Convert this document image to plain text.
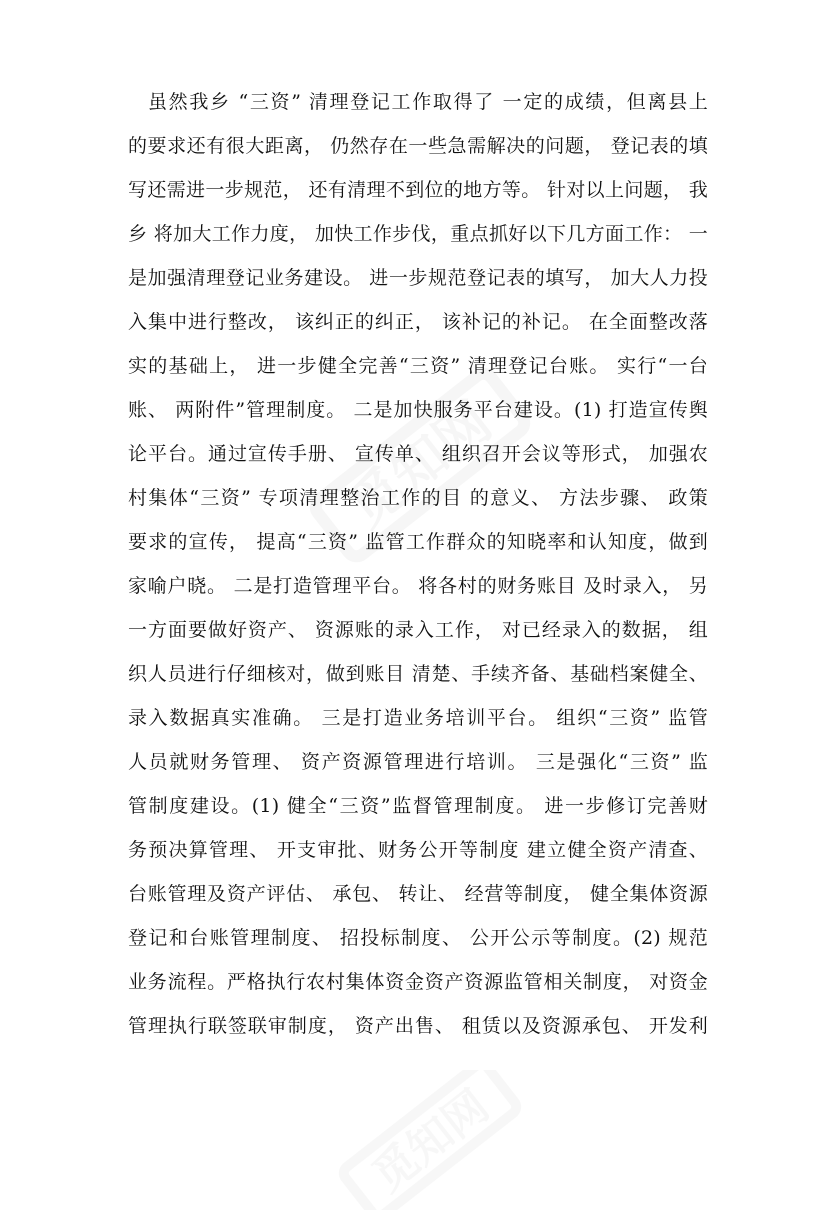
觅知网
觅知网
虽然我乡 “三资” 清理登记工作取得了 一定的成绩，但离县上
的要求还有很大距离， 仍然存在一些急需解决的问题， 登记表的填
写还需进一步规范， 还有清理不到位的地方等。 针对以上问题， 我
乡 将加大工作力度， 加快工作步伐，重点抓好以下几方面工作： 一
是加强清理登记业务建设。 进一步规范登记表的填写， 加大人力投
入集中进行整改， 该纠正的纠正， 该补记的补记。 在全面整改落
实的基础上， 进一步健全完善“三资” 清理登记台账。 实行“一台
账、 两附件”管理制度。 二是加快服务平台建设。(1) 打造宣传舆
论平台。通过宣传手册、 宣传单、 组织召开会议等形式， 加强农
村集体“三资” 专项清理整治工作的目 的意义、 方法步骤、 政策
要求的宣传， 提高“三资” 监管工作群众的知晓率和认知度，做到
家喻户晓。 二是打造管理平台。 将各村的财务账目 及时录入， 另
一方面要做好资产、 资源账的录入工作， 对已经录入的数据， 组
织人员进行仔细核对，做到账目 清楚、手续齐备、基础档案健全、
录入数据真实准确。 三是打造业务培训平台。 组织“三资” 监管
人员就财务管理、 资产资源管理进行培训。 三是强化“三资” 监
管制度建设。(1) 健全“三资”监督管理制度。 进一步修订完善财
务预决算管理、 开支审批、财务公开等制度 建立健全资产清查、
台账管理及资产评估、 承包、 转让、 经营等制度， 健全集体资源
登记和台账管理制度、 招投标制度、 公开公示等制度。(2) 规范
业务流程。严格执行农村集体资金资产资源监管相关制度， 对资金
管理执行联签联审制度， 资产出售、 租赁以及资源承包、 开发利
